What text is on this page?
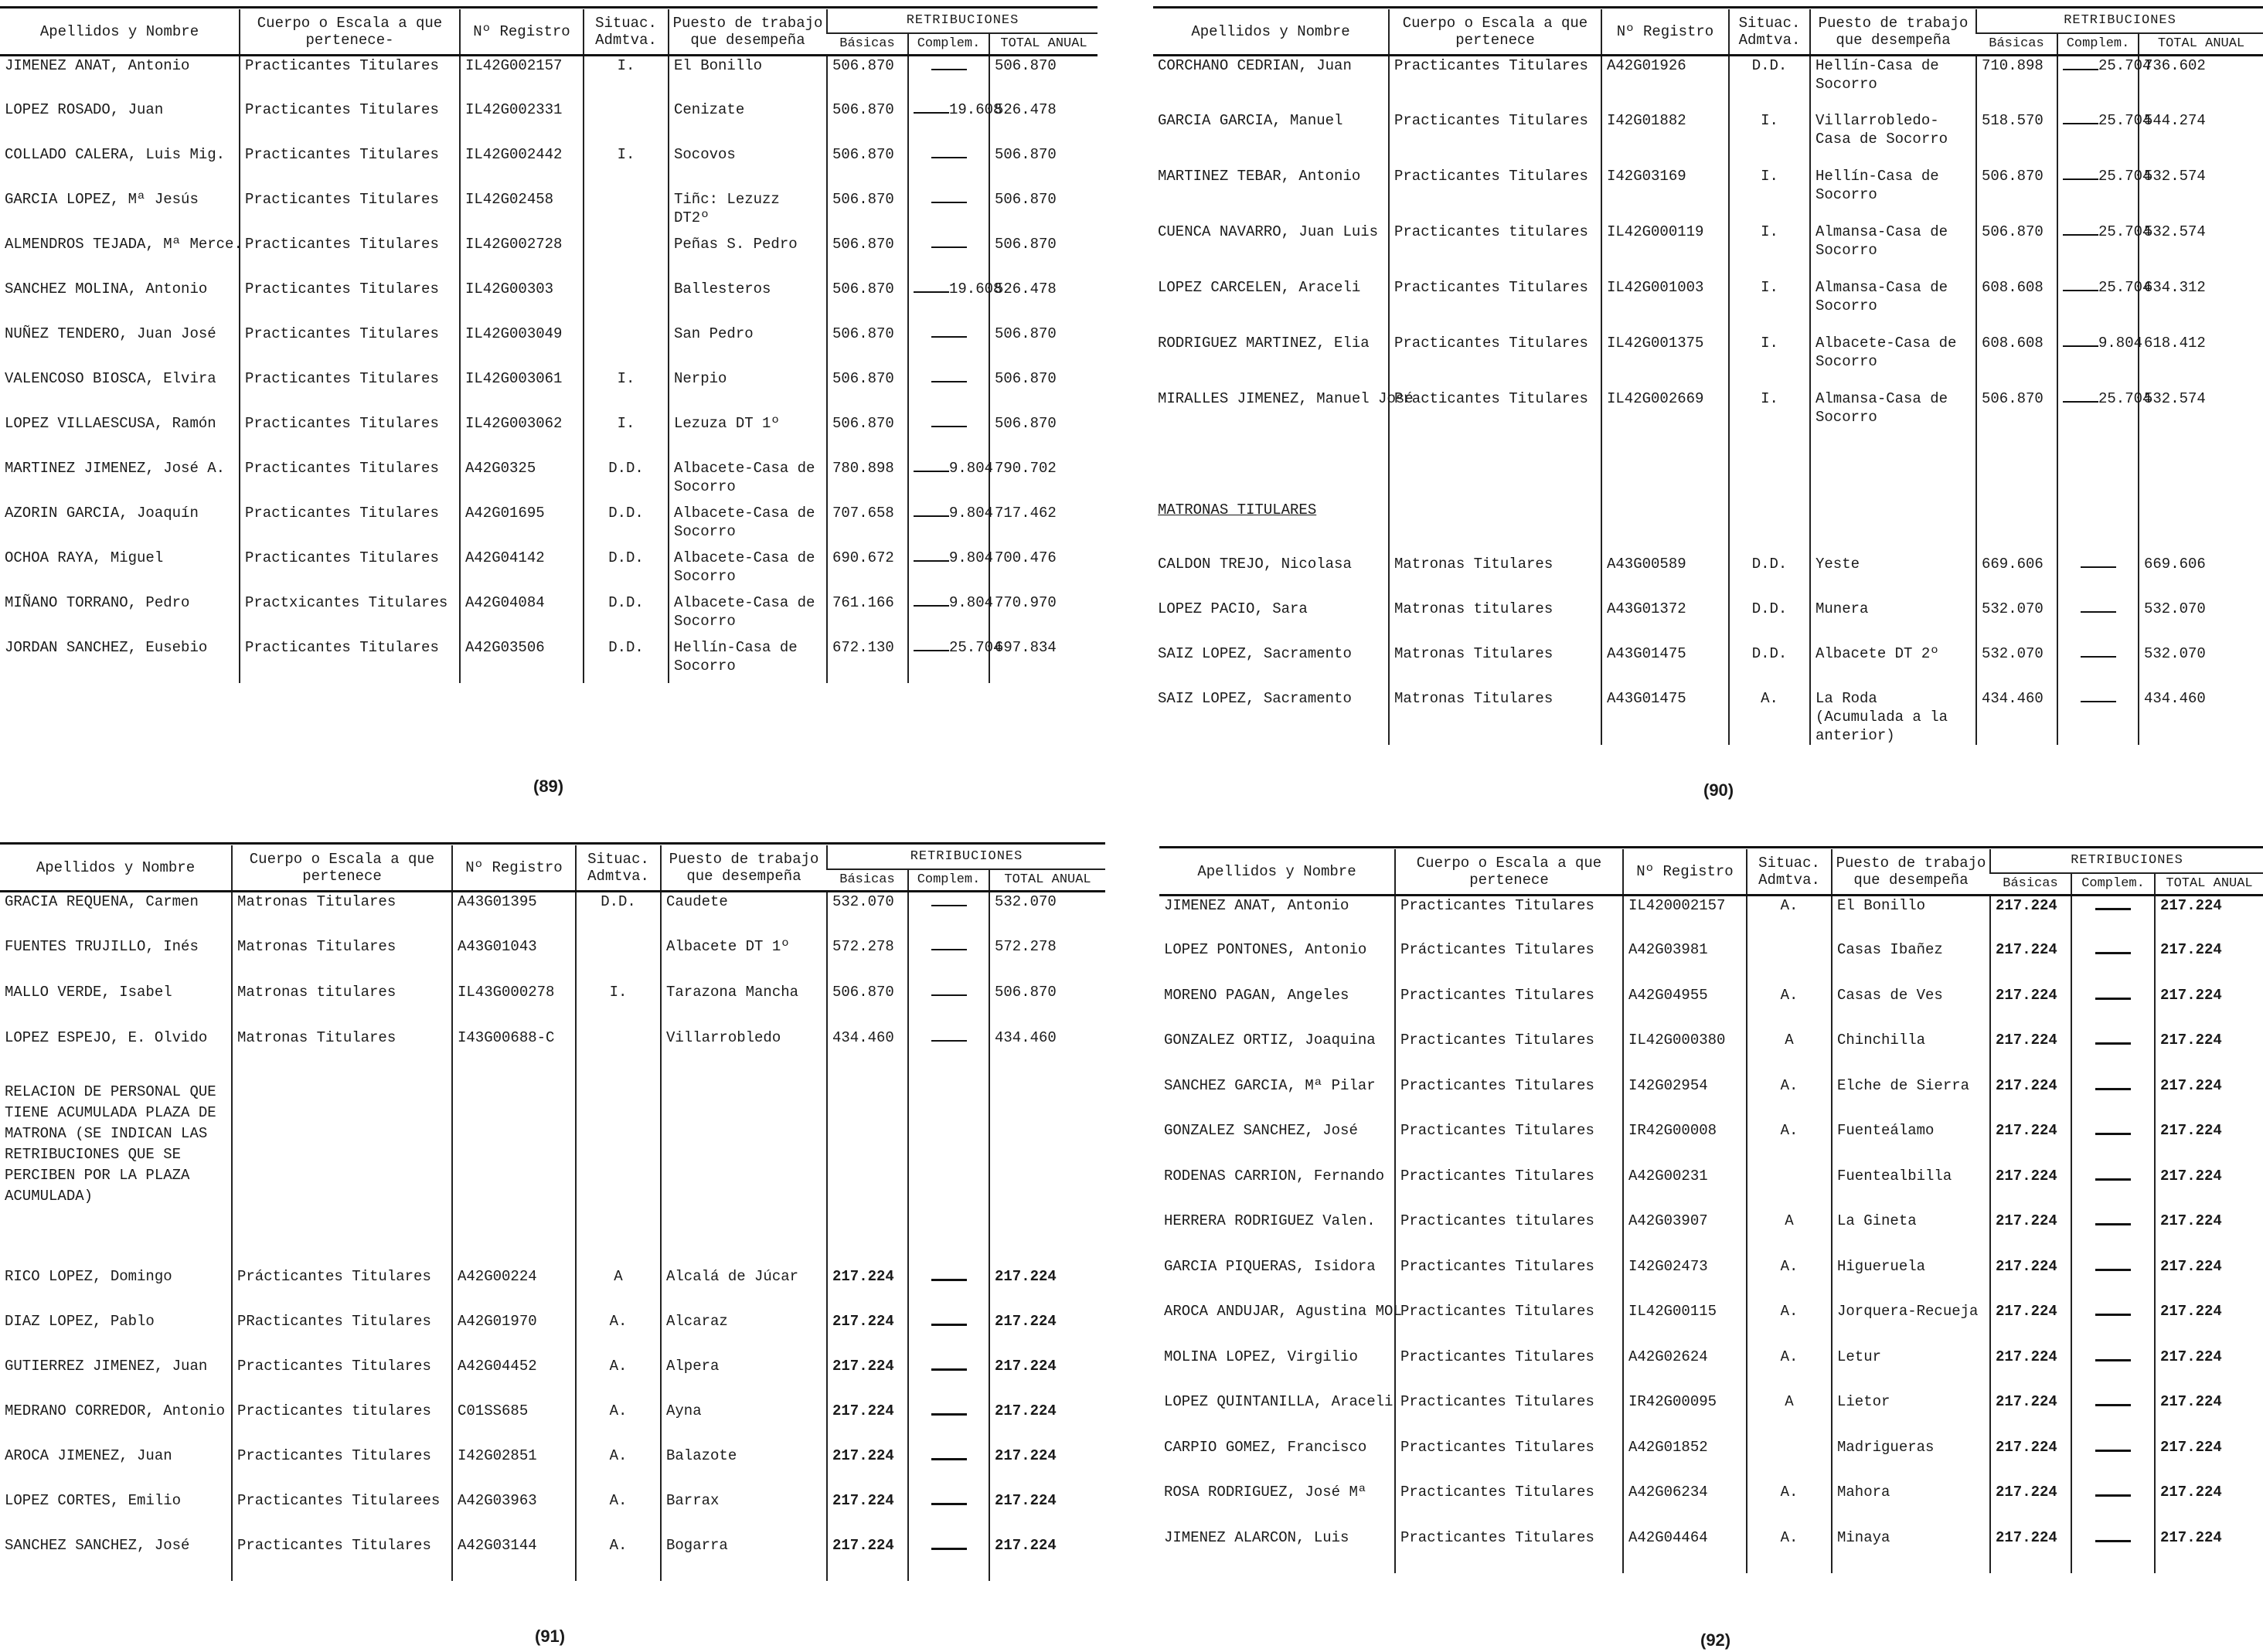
Apellidos y Nombre	Cuerpo o Escala a que pertenece-	Nº Registro	Situac. Admtva.	Puesto de trabajo que desempeña	RETRIBUCIONES		
					Básicas	Complem.	TOTAL ANUAL
JIMENEZ ANAT, Antonio	Practicantes Titulares	IL42G002157	I.	El Bonillo	506.870		506.870
LOPEZ ROSADO, Juan	Practicantes Titulares	IL42G002331		Cenizate	506.870	19.608	526.478
COLLADO CALERA, Luis Mig.	Practicantes Titulares	IL42G002442	I.	Socovos	506.870		506.870
GARCIA LOPEZ, Mª Jesús	Practicantes Titulares	IL42G02458		Tiñc: Lezuzz DT2º	506.870		506.870
ALMENDROS TEJADA, Mª Merce.	Practicantes Titulares	IL42G002728		Peñas S. Pedro	506.870		506.870
SANCHEZ MOLINA, Antonio	Practicantes Titulares	IL42G00303		Ballesteros	506.870	19.608	526.478
NUÑEZ TENDERO, Juan José	Practicantes Titulares	IL42G003049		San Pedro	506.870		506.870
VALENCOSO BIOSCA, Elvira	Practicantes Titulares	IL42G003061	I.	Nerpio	506.870		506.870
LOPEZ VILLAESCUSA, Ramón	Practicantes Titulares	IL42G003062	I.	Lezuza DT 1º	506.870		506.870
MARTINEZ JIMENEZ, José A.	Practicantes Titulares	A42G0325	D.D.	Albacete-Casa de Socorro	780.898	9.804	790.702
AZORIN GARCIA, Joaquín	Practicantes Titulares	A42G01695	D.D.	Albacete-Casa de Socorro	707.658	9.804	717.462
OCHOA RAYA, Miguel	Practicantes Titulares	A42G04142	D.D.	Albacete-Casa de Socorro	690.672	9.804	700.476
MIÑANO TORRANO, Pedro	Practxicantes Titulares	A42G04084	D.D.	Albacete-Casa de Socorro	761.166	9.804	770.970
JORDAN SANCHEZ, Eusebio	Practicantes Titulares	A42G03506	D.D.	Hellín-Casa de Socorro	672.130	25.704	697.834
(89)
Apellidos y Nombre	Cuerpo o Escala a que pertenece	Nº Registro	Situac. Admtva.	Puesto de trabajo que desempeña	RETRIBUCIONES		
					Básicas	Complem.	TOTAL ANUAL
CORCHANO CEDRIAN, Juan	Practicantes Titulares	A42G01926	D.D.	Hellín-Casa de Socorro	710.898	25.704	736.602
GARCIA GARCIA, Manuel	Practicantes Titulares	I42G01882	I.	Villarrobledo-Casa de Socorro	518.570	25.704	544.274
MARTINEZ TEBAR, Antonio	Practicantes Titulares	I42G03169	I.	Hellín-Casa de Socorro	506.870	25.704	532.574
CUENCA NAVARRO, Juan Luis	Practicantes titulares	IL42G000119	I.	Almansa-Casa de Socorro	506.870	25.704	532.574
LOPEZ CARCELEN, Araceli	Practicantes Titulares	IL42G001003	I.	Almansa-Casa de Socorro	608.608	25.704	634.312
RODRIGUEZ MARTINEZ, Elia	Practicantes Titulares	IL42G001375	I.	Albacete-Casa de Socorro	608.608	9.804	618.412
MIRALLES JIMENEZ, Manuel José	Practicantes Titulares	IL42G002669	I.	Almansa-Casa de Socorro	506.870	25.704	532.574

MATRONAS TITULARES							
CALDON TREJO, Nicolasa	Matronas Titulares	A43G00589	D.D.	Yeste	669.606		669.606
LOPEZ PACIO, Sara	Matronas titulares	A43G01372	D.D.	Munera	532.070		532.070
SAIZ LOPEZ, Sacramento	Matronas Titulares	A43G01475	D.D.	Albacete DT 2º	532.070		532.070
SAIZ LOPEZ, Sacramento	Matronas Titulares	A43G01475	A.	La Roda (Acumulada a la anterior)	434.460		434.460
(90)
Apellidos y Nombre	Cuerpo o Escala a que pertenece	Nº Registro	Situac. Admtva.	Puesto de trabajo que desempeña	RETRIBUCIONES		
					Básicas	Complem.	TOTAL ANUAL
GRACIA REQUENA, Carmen	Matronas Titulares	A43G01395	D.D.	Caudete	532.070		532.070
FUENTES TRUJILLO, Inés	Matronas Titulares	A43G01043		Albacete DT 1º	572.278		572.278
MALLO VERDE, Isabel	Matronas titulares	IL43G000278	I.	Tarazona Mancha	506.870		506.870
LOPEZ ESPEJO, E. Olvido	Matronas Titulares	I43G00688-C		Villarrobledo	434.460		434.460
RELACION DE PERSONAL QUE TIENE ACUMULADA PLAZA DE MATRONA (SE INDICAN LAS RETRIBUCIONES QUE SE PERCIBEN POR LA PLAZA ACUMULADA)							
RICO LOPEZ, Domingo	Prácticantes Titulares	A42G00224	A	Alcalá de Júcar	217.224		217.224
DIAZ LOPEZ, Pablo	PRacticantes Titulares	A42G01970	A.	Alcaraz	217.224		217.224
GUTIERREZ JIMENEZ, Juan	Practicantes Titulares	A42G04452	A.	Alpera	217.224		217.224
MEDRANO CORREDOR, Antonio	Practicantes titulares	C01SS685	A.	Ayna	217.224		217.224
AROCA JIMENEZ, Juan	Practicantes Titulares	I42G02851	A.	Balazote	217.224		217.224
LOPEZ CORTES, Emilio	Practicantes Titularees	A42G03963	A.	Barrax	217.224		217.224
SANCHEZ SANCHEZ, José	Practicantes Titulares	A42G03144	A.	Bogarra	217.224		217.224
(91)
Apellidos y Nombre	Cuerpo o Escala a que pertenece	Nº Registro	Situac. Admtva.	Puesto de trabajo que desempeña	RETRIBUCIONES		
					Básicas	Complem.	TOTAL ANUAL
JIMENEZ ANAT, Antonio	Practicantes Titulares	IL420002157	A.	El Bonillo	217.224		217.224
LOPEZ PONTONES, Antonio	Prácticantes Titulares	A42G03981		Casas Ibañez	217.224		217.224
MORENO PAGAN, Angeles	Practicantes Titulares	A42G04955	A.	Casas de Ves	217.224		217.224
GONZALEZ ORTIZ, Joaquina	Practicantes Titulares	IL42G000380	A	Chinchilla	217.224		217.224
SANCHEZ GARCIA, Mª Pilar	Practicantes Titulares	I42G02954	A.	Elche de Sierra	217.224		217.224
GONZALEZ SANCHEZ, José	Practicantes Titulares	IR42G00008	A.	Fuenteálamo	217.224		217.224
RODENAS CARRION, Fernando	Practicantes Titulares	A42G00231		Fuentealbilla	217.224		217.224
HERRERA RODRIGUEZ Valen.	Practicantes titulares	A42G03907	A	La Gineta	217.224		217.224
GARCIA PIQUERAS, Isidora	Practicantes Titulares	I42G02473	A.	Higueruela	217.224		217.224
AROCA ANDUJAR, Agustina MOL	Practicantes Titulares	IL42G00115	A.	Jorquera-Recueja	217.224		217.224
MOLINA LOPEZ, Virgilio	Practicantes Titulares	A42G02624	A.	Letur	217.224		217.224
LOPEZ QUINTANILLA, Araceli	Practicantes Titulares	IR42G00095	A	Lietor	217.224		217.224
CARPIO GOMEZ, Francisco	Practicantes Titulares	A42G01852		Madrigueras	217.224		217.224
ROSA RODRIGUEZ, José Mª	Practicantes Titulares	A42G06234	A.	Mahora	217.224		217.224
JIMENEZ ALARCON, Luis	Practicantes Titulares	A42G04464	A.	Minaya	217.224		217.224
(92)
